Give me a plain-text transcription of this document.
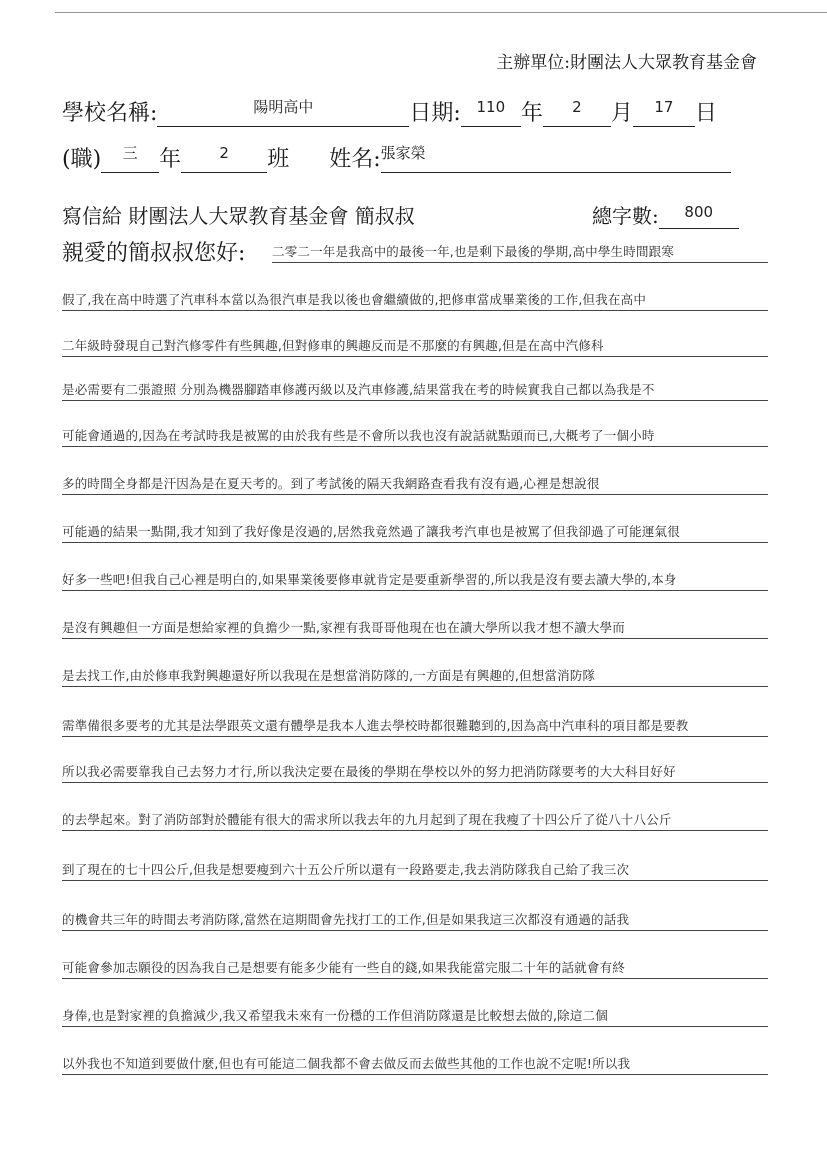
主辦單位:財團法人大眾教育基金會
學校名稱:	$^{陽明高中}$	日期: $^{110}$ 年 $^2$ 月 $^{17}$ 日
(職) $^三$ 年	$^2$ 班 姓名:$^{張家榮}$
寫信給 財團法人大眾教育基金會 簡叔叔	總字數: $^{800}$
親愛的簡叔叔您好: 二零二一年是我高中的最後一年,也是剩下最後的學期,高中學生時間跟寒
假了,我在高中時選了汽車科本當以為很汽車是我以後也會繼續做的,把修車當成畢業後的工作,但我在高中
二年級時發現自己對汽修零件有些興趣,但對修車的興趣反而是不那麼的有興趣,但是在高中汽修科
是必需要有二張證照 分別為機器腳踏車修護丙級以及汽車修護,結果當我在考的時候實我自己都以為我是不
可能會通過的,因為在考試時我是被罵的由於我有些是不會所以我也沒有說話就點頭而已,大概考了一個小時
多的時間全身都是汗因為是在夏天考的。到了考試後的隔天我網路查看我有沒有過,心裡是想說很
可能過的結果一點開,我才知到了我好像是沒過的,居然我竟然過了讓我考汽車也是被罵了但我卻過了可能運氣很
好多一些吧!但我自己心裡是明白的,如果畢業後要修車就肯定是要重新學習的,所以我是沒有要去讀大學的,本身
是沒有興趣但一方面是想給家裡的負擔少一點,家裡有我哥哥他現在也在讀大學所以我才想不讀大學而
是去找工作,由於修車我對興趣還好所以我現在是想當消防隊的,一方面是有興趣的,但想當消防隊
需準備很多要考的尤其是法學跟英文還有體學是我本人進去學校時都很難聽到的,因為高中汽車科的項目都是要教
所以我必需要靠我自己去努力才行,所以我決定要在最後的學期在學校以外的努力把消防隊要考的大大科目好好
的去學起來。對了消防部對於體能有很大的需求所以我去年的九月起到了現在我瘦了十四公斤了從八十八公斤
到了現在的七十四公斤,但我是想要瘦到六十五公斤所以還有一段路要走,我去消防隊我自己給了我三次
的機會共三年的時間去考消防隊,當然在這期間會先找打工的工作,但是如果我這三次都沒有通過的話我
可能會參加志願役的因為我自己是想要有能多少能有一些自的錢,如果我能當完服二十年的話就會有終
身俸,也是對家裡的負擔減少,我又希望我未來有一份穩的工作但消防隊還是比較想去做的,除這二個
以外我也不知道到要做什麼,但也有可能這二個我都不會去做反而去做些其他的工作也說不定呢!所以我
